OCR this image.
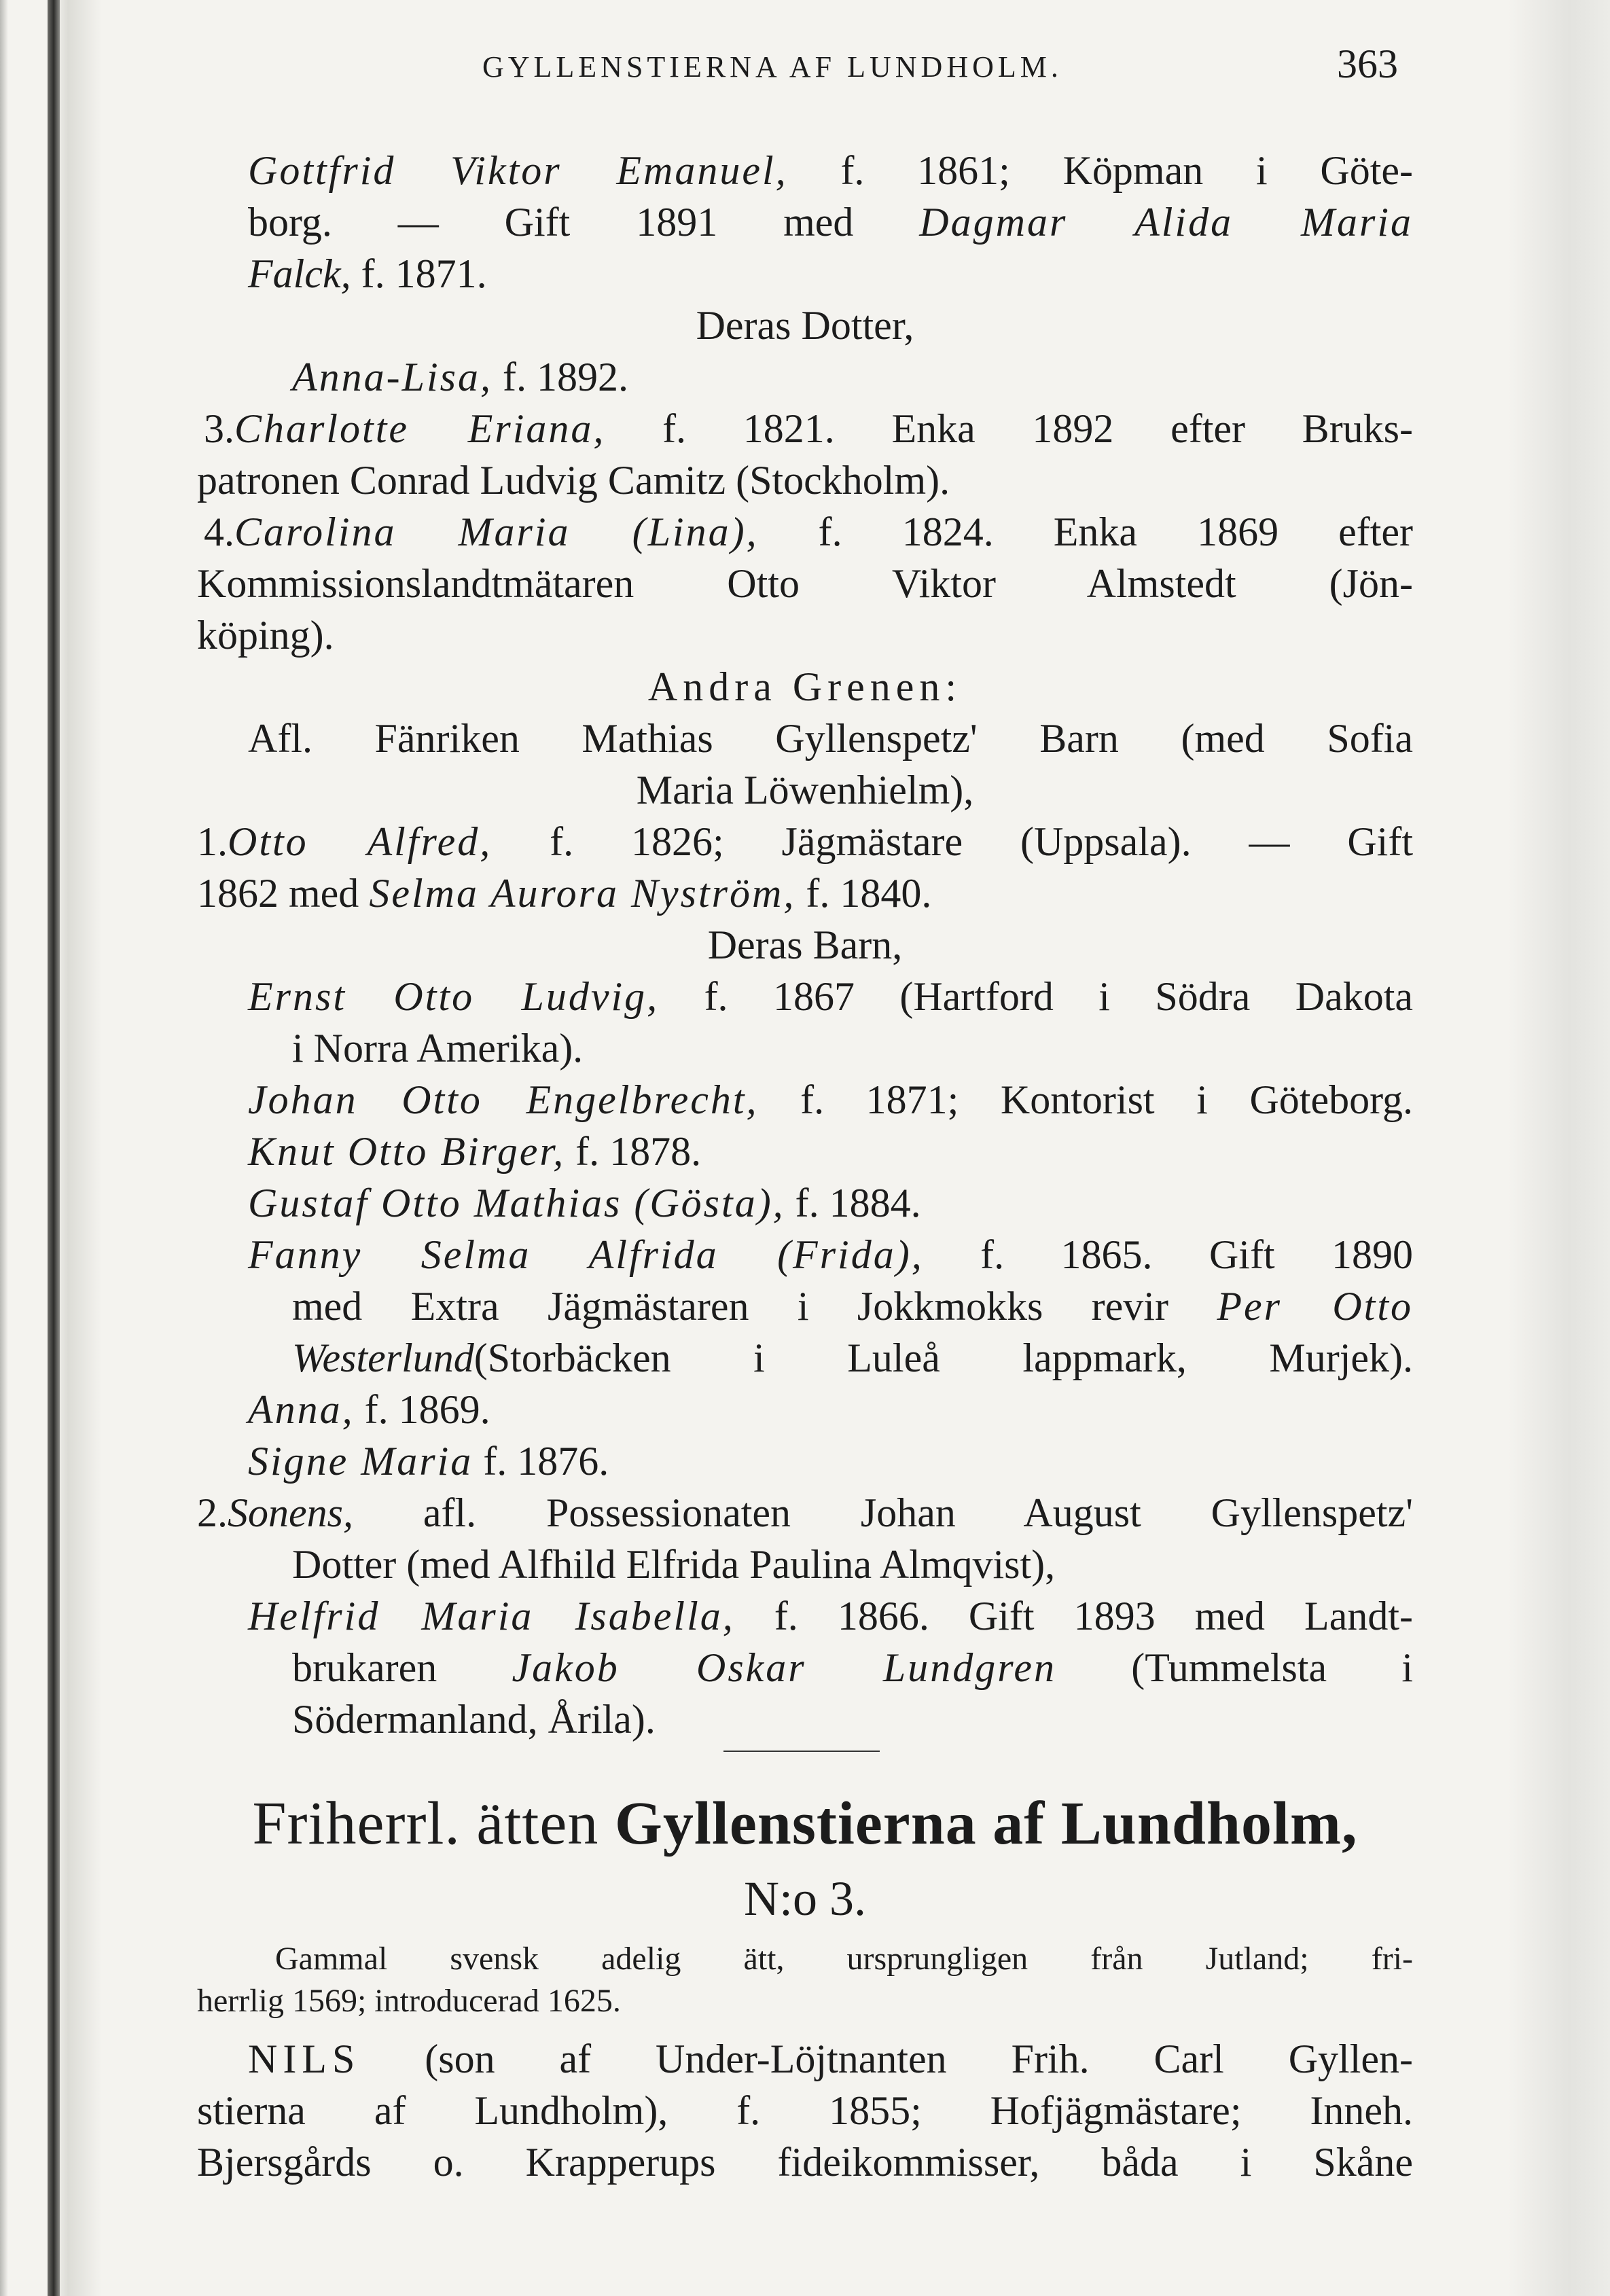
GYLLENSTIERNA AF LUNDHOLM.	363
Gottfrid Viktor Emanuel, f. 1861; Köpman i Göte-
borg. — Gift 1891 med Dagmar Alida Maria
Falck, f. 1871.
Deras Dotter,
Anna-Lisa, f. 1892.
3.Charlotte Eriana, f. 1821. Enka 1892 efter Bruks-
patronen Conrad Ludvig Camitz (Stockholm).
4.Carolina Maria (Lina), f. 1824. Enka 1869 efter
Kommissionslandtmätaren Otto Viktor Almstedt (Jön-
köping).
Andra Grenen:
Afl. Fänriken Mathias Gyllenspetz' Barn (med Sofia
Maria Löwenhielm),
1.Otto Alfred, f. 1826; Jägmästare (Uppsala). — Gift
1862 med Selma Aurora Nyström, f. 1840.
Deras Barn,
Ernst Otto Ludvig, f. 1867 (Hartford i Södra Dakota
i Norra Amerika).
Johan Otto Engelbrecht, f. 1871; Kontorist i Göteborg.
Knut Otto Birger, f. 1878.
Gustaf Otto Mathias (Gösta), f. 1884.
Fanny Selma Alfrida (Frida), f. 1865. Gift 1890
med Extra Jägmästaren i Jokkmokks revir Per Otto
Westerlund(Storbäcken i Luleå lappmark, Murjek).
Anna, f. 1869.
Signe Maria f. 1876.
2.Sonens, afl. Possessionaten Johan August Gyllenspetz'
Dotter (med Alfhild Elfrida Paulina Almqvist),
Helfrid Maria Isabella, f. 1866. Gift 1893 med Landt-
brukaren Jakob Oskar Lundgren (Tummelsta i
Södermanland, Årila).
Friherrl. ätten Gyllenstierna af Lundholm,
N:o 3.
Gammal svensk adelig ätt, ursprungligen från Jutland; fri-
herrlig 1569; introducerad 1625.
NILS (son af Under-Löjtnanten Frih. Carl Gyllen-
stierna af Lundholm), f. 1855; Hofjägmästare; Inneh.
Bjersgårds o. Krapperups fideikommisser, båda i Skåne
